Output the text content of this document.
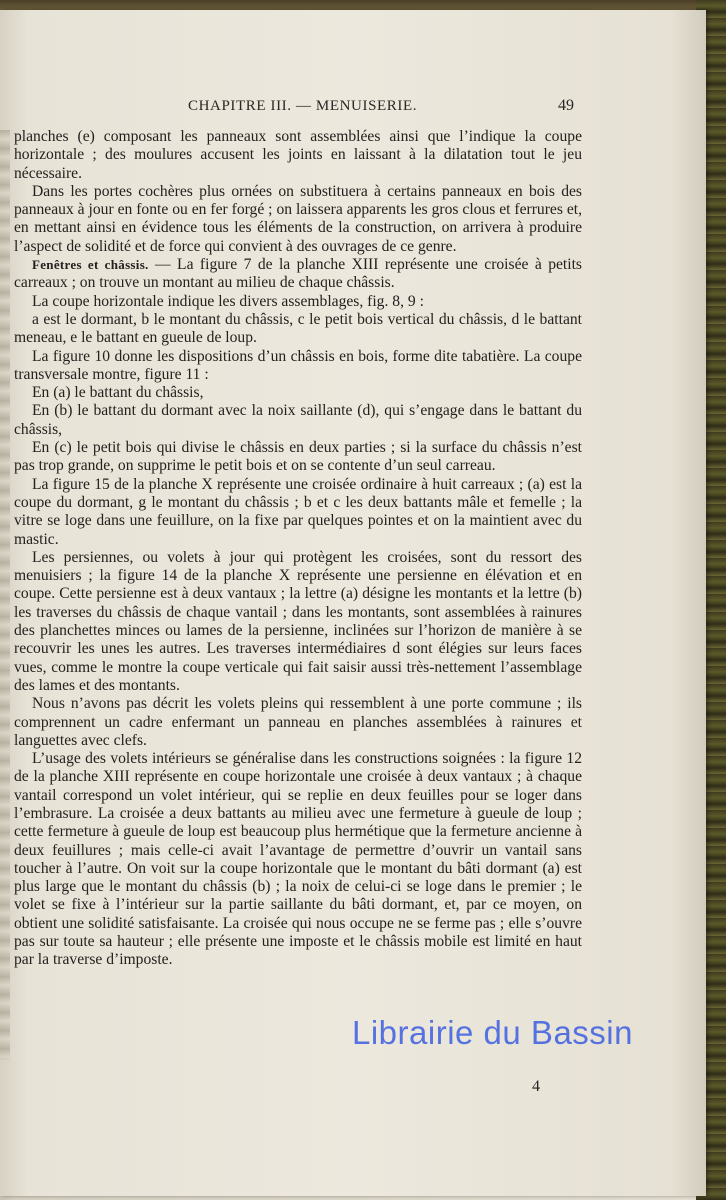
CHAPITRE III. — MENUISERIE.	49

planches (e) composant les panneaux sont assemblées ainsi que l’indique la coupe horizontale ; des moulures accusent les joints en laissant à la dilatation tout le jeu nécessaire.

Dans les portes cochères plus ornées on substituera à certains panneaux en bois des panneaux à jour en fonte ou en fer forgé ; on laissera apparents les gros clous et ferrures et, en mettant ainsi en évidence tous les éléments de la construction, on arrivera à produire l’aspect de solidité et de force qui convient à des ouvrages de ce genre.

Fenêtres et châssis. — La figure 7 de la planche XIII représente une croisée à petits carreaux ; on trouve un montant au milieu de chaque châssis.

La coupe horizontale indique les divers assemblages, fig. 8, 9 :

a est le dormant, b le montant du châssis, c le petit bois vertical du châssis, d le battant meneau, e le battant en gueule de loup.

La figure 10 donne les dispositions d’un châssis en bois, forme dite tabatière. La coupe transversale montre, figure 11 :

En (a) le battant du châssis,

En (b) le battant du dormant avec la noix saillante (d), qui s’engage dans le battant du châssis,

En (c) le petit bois qui divise le châssis en deux parties ; si la surface du châssis n’est pas trop grande, on supprime le petit bois et on se contente d’un seul carreau.

La figure 15 de la planche X représente une croisée ordinaire à huit carreaux ; (a) est la coupe du dormant, g le montant du châssis ; b et c les deux battants mâle et femelle ; la vitre se loge dans une feuillure, on la fixe par quelques pointes et on la maintient avec du mastic.

Les persiennes, ou volets à jour qui protègent les croisées, sont du ressort des menuisiers ; la figure 14 de la planche X représente une persienne en élévation et en coupe. Cette persienne est à deux vantaux ; la lettre (a) désigne les montants et la lettre (b) les traverses du châssis de chaque vantail ; dans les montants, sont assemblées à rainures des planchettes minces ou lames de la persienne, inclinées sur l’horizon de manière à se recouvrir les unes les autres. Les traverses intermédiaires d sont élégies sur leurs faces vues, comme le montre la coupe verticale qui fait saisir aussi très-nettement l’assemblage des lames et des montants.

Nous n’avons pas décrit les volets pleins qui ressemblent à une porte commune ; ils comprennent un cadre enfermant un panneau en planches assemblées à rainures et languettes avec clefs.

L’usage des volets intérieurs se généralise dans les constructions soignées : la figure 12 de la planche XIII représente en coupe horizontale une croisée à deux vantaux ; à chaque vantail correspond un volet intérieur, qui se replie en deux feuilles pour se loger dans l’embrasure. La croisée a deux battants au milieu avec une fermeture à gueule de loup ; cette fermeture à gueule de loup est beaucoup plus hermétique que la fermeture ancienne à deux feuillures ; mais celle-ci avait l’avantage de permettre d’ouvrir un vantail sans toucher à l’autre. On voit sur la coupe horizontale que le montant du bâti dormant (a) est plus large que le montant du châssis (b) ; la noix de celui-ci se loge dans le premier ; le volet se fixe à l’intérieur sur la partie saillante du bâti dormant, et, par ce moyen, on obtient une solidité satisfaisante. La croisée qui nous occupe ne se ferme pas ; elle s’ouvre pas sur toute sa hauteur ; elle présente une imposte et le châssis mobile est limité en haut par la traverse d’imposte.

4
Librairie du Bassin
